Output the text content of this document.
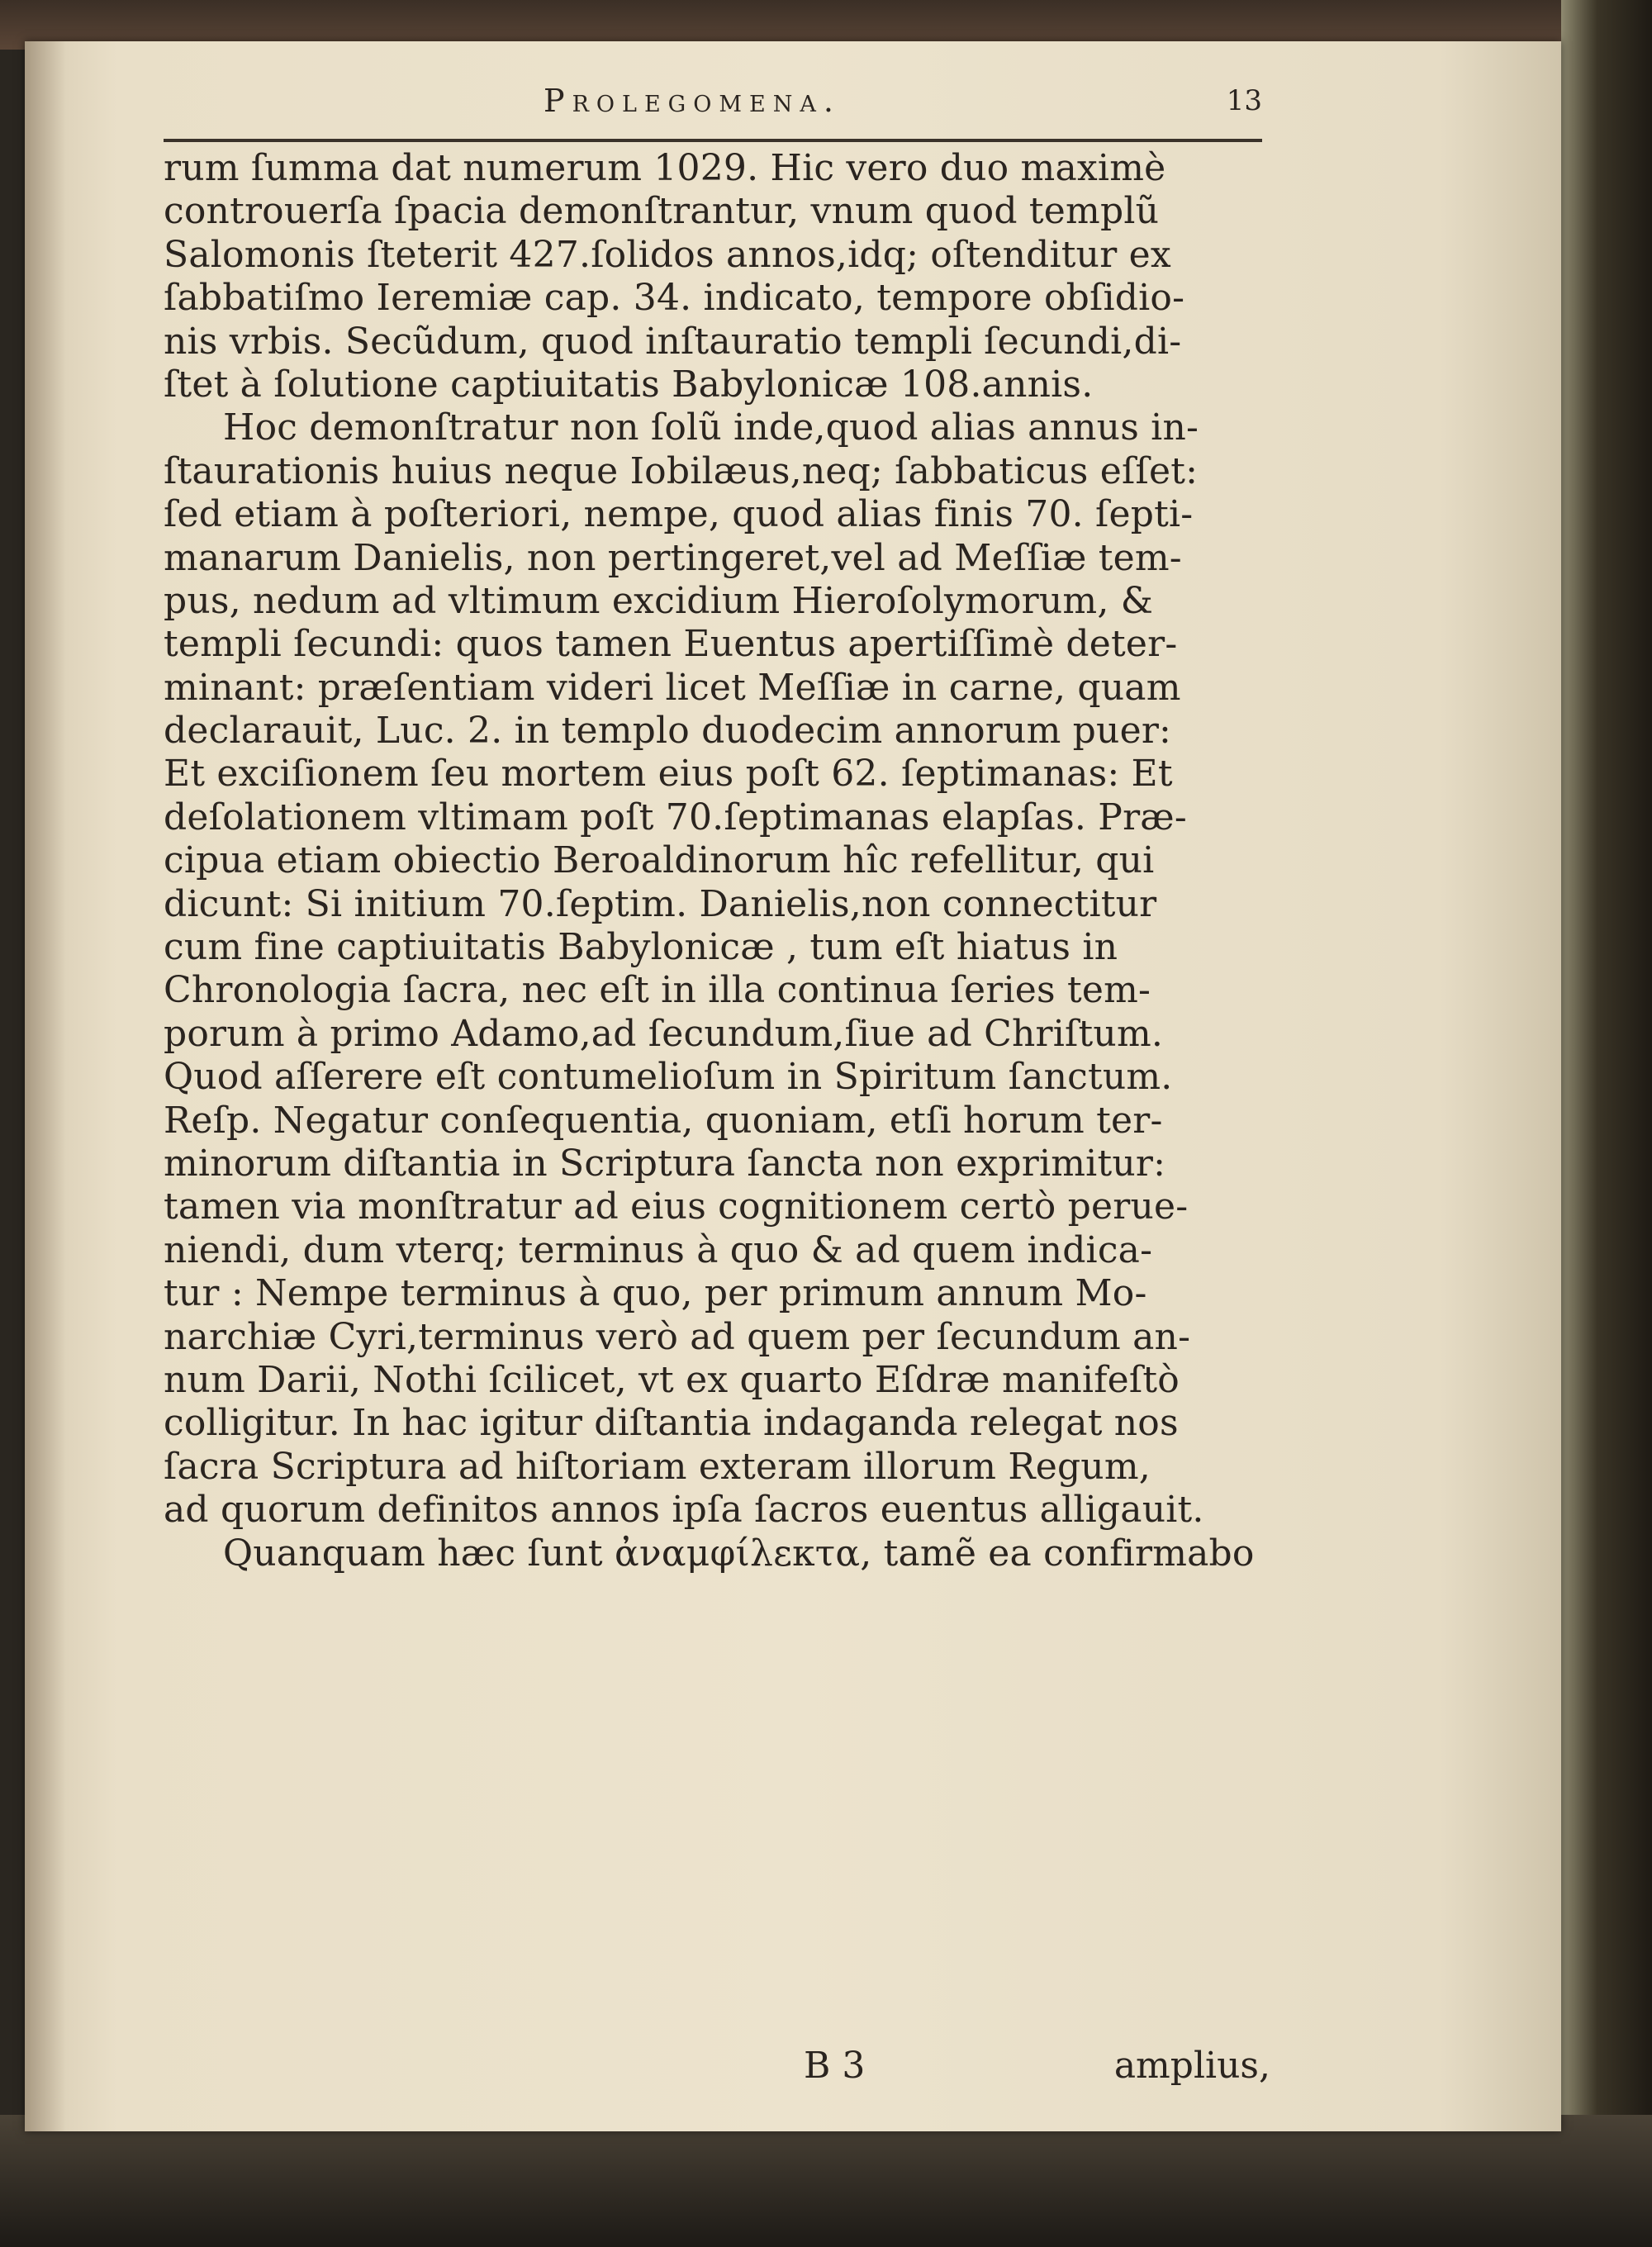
Prolegomena.	13
rum ſumma dat numerum 1029. Hic vero duo maximè
controuerſa ſpacia demonſtrantur, vnum quod templũ
Salomonis ſteterit 427.ſolidos annos,idq; oſtenditur ex
ſabbatiſmo Ieremiæ cap. 34. indicato, tempore obſidio-
nis vrbis. Secũdum, quod inſtauratio templi ſecundi,di-
ſtet à ſolutione captiuitatis Babylonicæ 108.annis.
Hoc demonſtratur non ſolũ inde,quod alias annus in-
ſtaurationis huius neque Iobilæus,neq; ſabbaticus eſſet:
ſed etiam à poſteriori, nempe, quod alias finis 70. ſepti-
manarum Danielis, non pertingeret,vel ad Meſſiæ tem-
pus, nedum ad vltimum excidium Hieroſolymorum, &
templi ſecundi: quos tamen Euentus apertiſſimè deter-
minant: præſentiam videri licet Meſſiæ in carne, quam
declarauit, Luc. 2. in templo duodecim annorum puer:
Et exciſionem ſeu mortem eius poſt 62. ſeptimanas: Et
deſolationem vltimam poſt 70.ſeptimanas elapſas. Præ-
cipua etiam obiectio Beroaldinorum hîc refellitur, qui
dicunt: Si initium 70.ſeptim. Danielis,non connectitur
cum fine captiuitatis Babylonicæ , tum eſt hiatus in
Chronologia ſacra, nec eſt in illa continua ſeries tem-
porum à primo Adamo,ad ſecundum,ſiue ad Chriſtum.
Quod aſſerere eſt contumelioſum in Spiritum ſanctum.
Reſp. Negatur conſequentia, quoniam, etſi horum ter-
minorum diſtantia in Scriptura ſancta non exprimitur:
tamen via monſtratur ad eius cognitionem certò perue-
niendi, dum vterq; terminus à quo & ad quem indica-
tur : Nempe terminus à quo, per primum annum Mo-
narchiæ Cyri,terminus verò ad quem per ſecundum an-
num Darii, Nothi ſcilicet, vt ex quarto Eſdræ manifeſtò
colligitur. In hac igitur diſtantia indaganda relegat nos
ſacra Scriptura ad hiſtoriam exteram illorum Regum,
ad quorum definitos annos ipſa ſacros euentus alligauit.
Quanquam hæc ſunt ἀναμφίλεκτα, tamẽ ea confirmabo
B 3	amplius,
